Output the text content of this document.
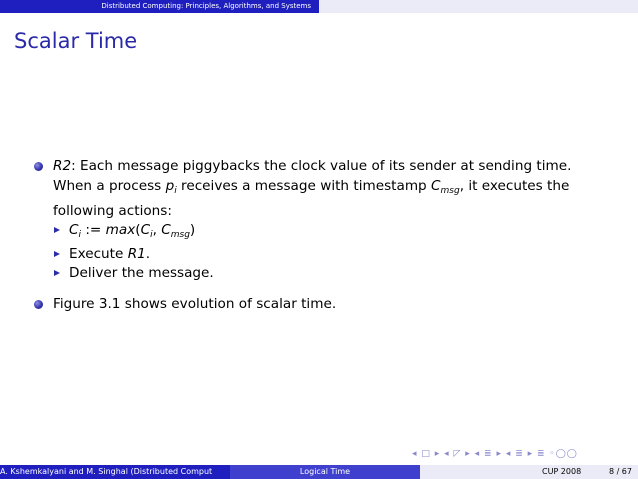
Distributed Computing: Principles, Algorithms, and Systems
Scalar Time
R2: Each message piggybacks the clock value of its sender at sending time.
When a process $p_i$ receives a message with timestamp $C_{msg}$, it executes the
following actions:
$C_i$ := $\max(C_i$, $C_{msg}$)
Execute R1.
Deliver the message.
Figure 3.1 shows evolution of scalar time.
◂ □ ▸ ◂ ◸ ▸ ◂ ≣ ▸ ◂ ≣ ▸ ≣ ◦◯◯
A. Kshemkalyani and M. Singhal (Distributed Comput	Logical Time	CUP 2008	8 / 67
